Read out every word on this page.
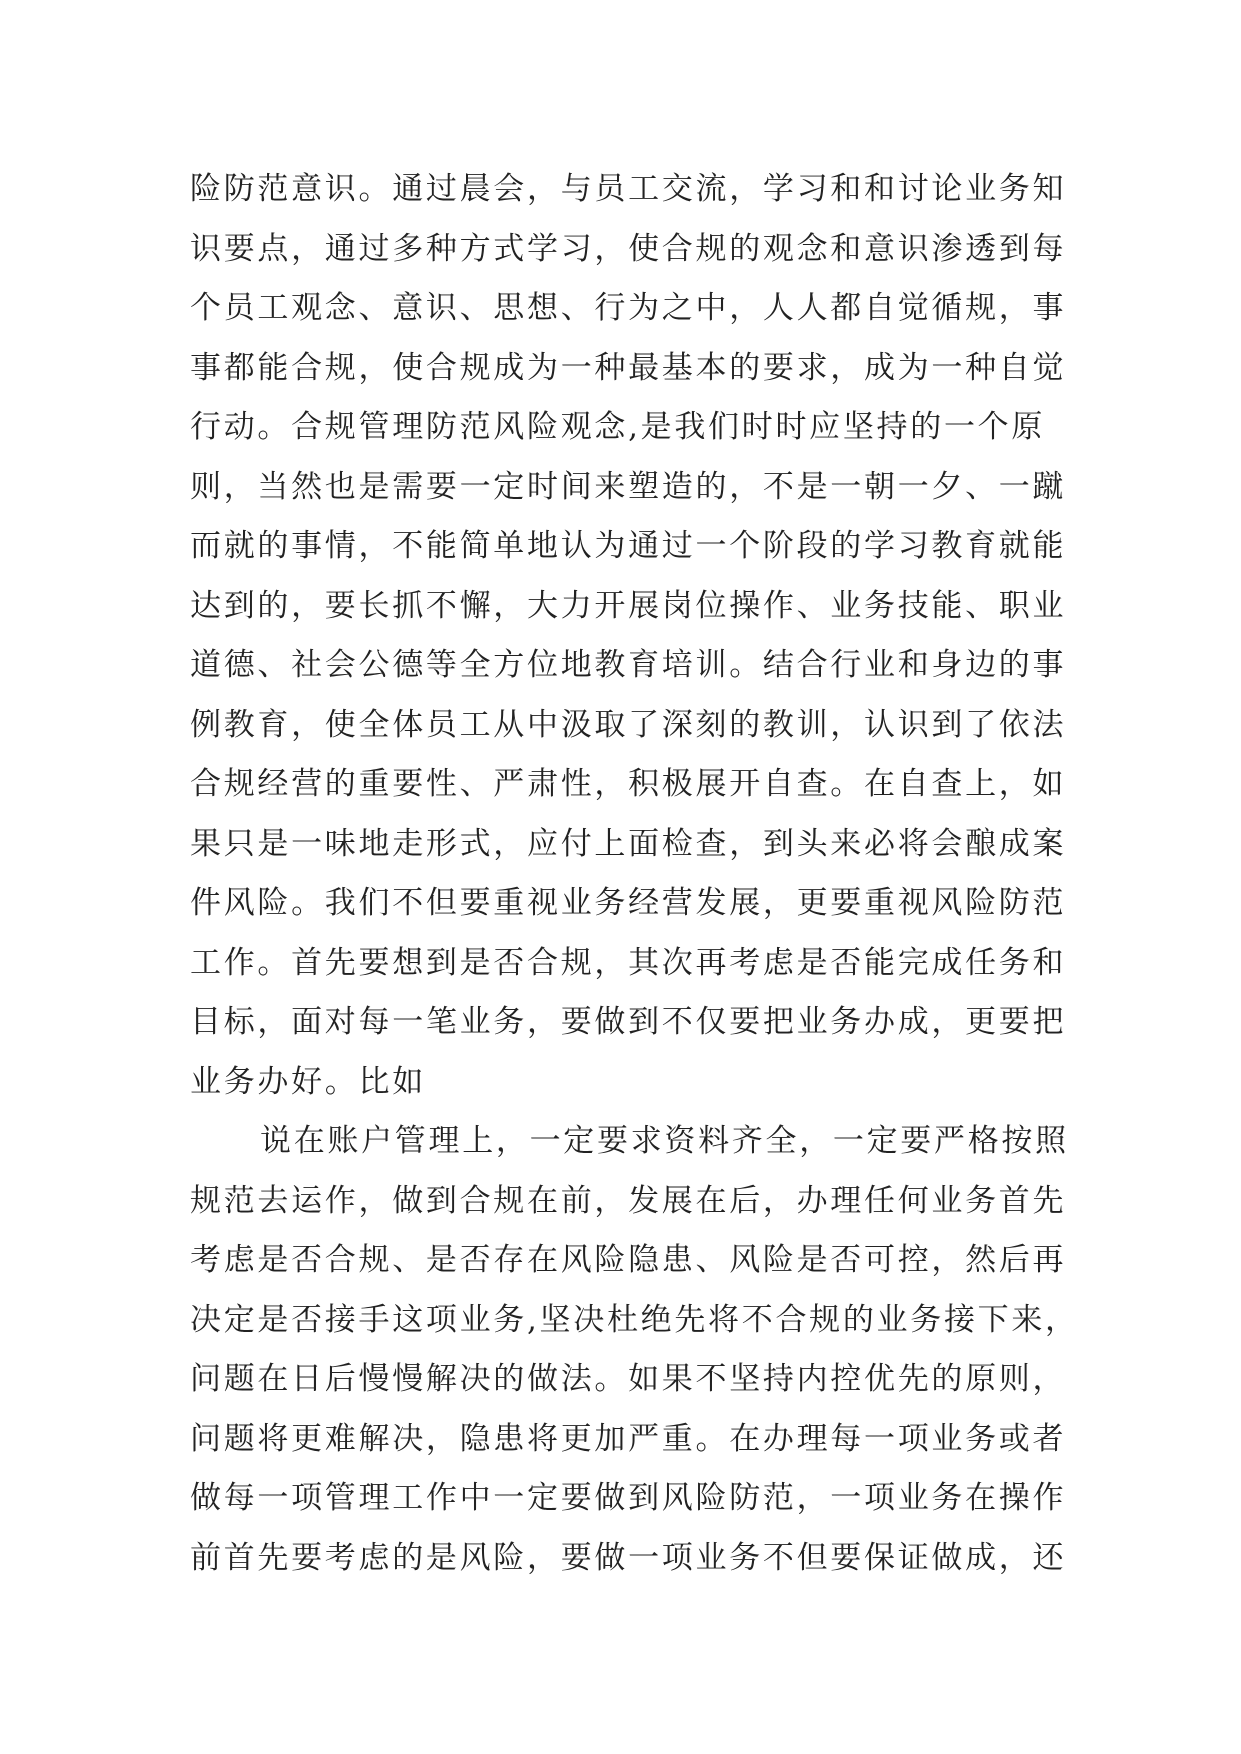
险防范意识。通过晨会，与员工交流，学习和和讨论业务知
识要点，通过多种方式学习，使合规的观念和意识渗透到每
个员工观念、意识、思想、行为之中，人人都自觉循规，事
事都能合规，使合规成为一种最基本的要求，成为一种自觉
行动。合规管理防范风险观念,是我们时时应坚持的一个原
则，当然也是需要一定时间来塑造的，不是一朝一夕、一蹴
而就的事情，不能简单地认为通过一个阶段的学习教育就能
达到的，要长抓不懈，大力开展岗位操作、业务技能、职业
道德、社会公德等全方位地教育培训。结合行业和身边的事
例教育，使全体员工从中汲取了深刻的教训，认识到了依法
合规经营的重要性、严肃性，积极展开自查。在自查上，如
果只是一味地走形式，应付上面检查，到头来必将会酿成案
件风险。我们不但要重视业务经营发展，更要重视风险防范
工作。首先要想到是否合规，其次再考虑是否能完成任务和
目标，面对每一笔业务，要做到不仅要把业务办成，更要把
业务办好。比如
说在账户管理上，一定要求资料齐全，一定要严格按照
规范去运作，做到合规在前，发展在后，办理任何业务首先
考虑是否合规、是否存在风险隐患、风险是否可控，然后再
决定是否接手这项业务,坚决杜绝先将不合规的业务接下来，
问题在日后慢慢解决的做法。如果不坚持内控优先的原则，
问题将更难解决，隐患将更加严重。在办理每一项业务或者
做每一项管理工作中一定要做到风险防范，一项业务在操作
前首先要考虑的是风险，要做一项业务不但要保证做成，还
